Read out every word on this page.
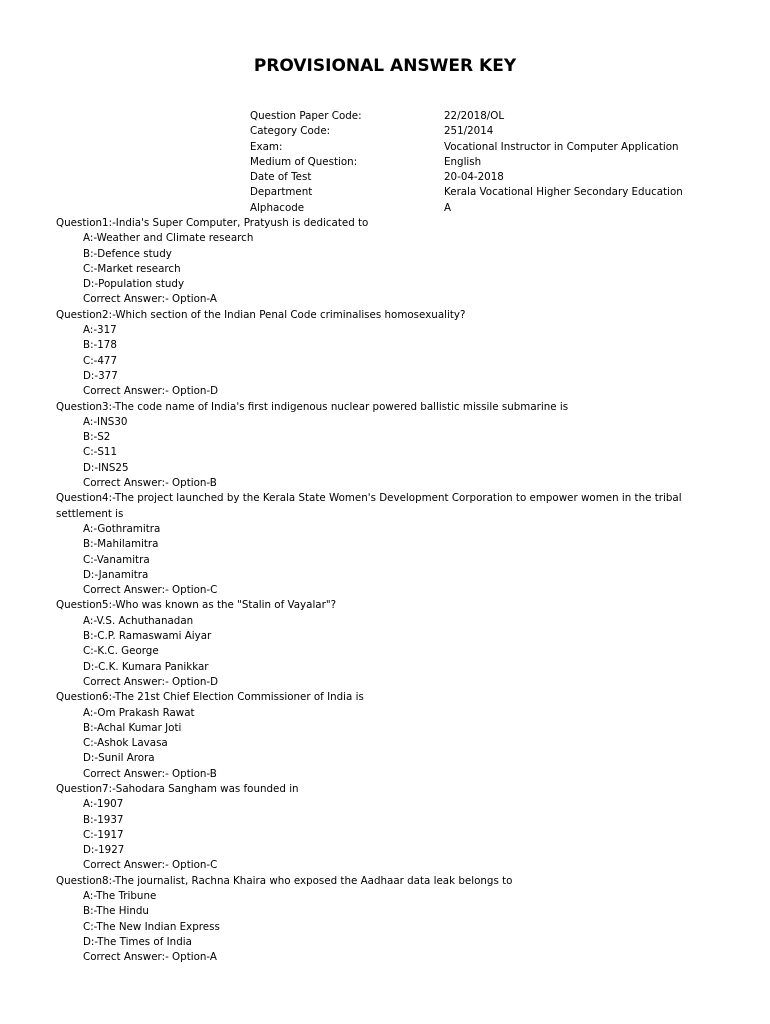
PROVISIONAL ANSWER KEY
Question Paper Code:	22/2018/OL
Category Code:	251/2014
Exam:	Vocational Instructor in Computer Application
Medium of Question:	English
Date of Test	20-04-2018
Department	Kerala Vocational Higher Secondary Education
Alphacode	A
Question1:-India's Super Computer, Pratyush is dedicated to
A:-Weather and Climate research
B:-Defence study
C:-Market research
D:-Population study
Correct Answer:- Option-A
Question2:-Which section of the Indian Penal Code criminalises homosexuality?
A:-317
B:-178
C:-477
D:-377
Correct Answer:- Option-D
Question3:-The code name of India's first indigenous nuclear powered ballistic missile submarine is
A:-INS30
B:-S2
C:-S11
D:-INS25
Correct Answer:- Option-B
Question4:-The project launched by the Kerala State Women's Development Corporation to empower women in the tribal settlement is
A:-Gothramitra
B:-Mahilamitra
C:-Vanamitra
D:-Janamitra
Correct Answer:- Option-C
Question5:-Who was known as the "Stalin of Vayalar"?
A:-V.S. Achuthanadan
B:-C.P. Ramaswami Aiyar
C:-K.C. George
D:-C.K. Kumara Panikkar
Correct Answer:- Option-D
Question6:-The 21st Chief Election Commissioner of India is
A:-Om Prakash Rawat
B:-Achal Kumar Joti
C:-Ashok Lavasa
D:-Sunil Arora
Correct Answer:- Option-B
Question7:-Sahodara Sangham was founded in
A:-1907
B:-1937
C:-1917
D:-1927
Correct Answer:- Option-C
Question8:-The journalist, Rachna Khaira who exposed the Aadhaar data leak belongs to
A:-The Tribune
B:-The Hindu
C:-The New Indian Express
D:-The Times of India
Correct Answer:- Option-A
